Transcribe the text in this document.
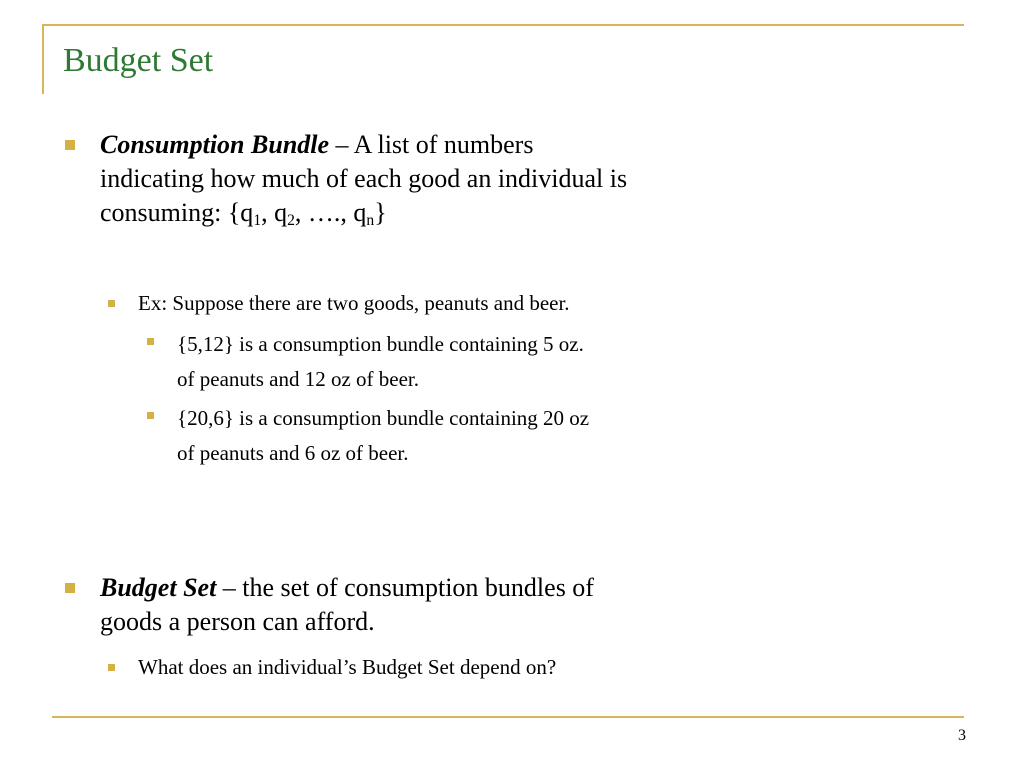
Budget Set
Consumption Bundle – A list of numbers
indicating how much of each good an individual is
consuming: {$q_1$, $q_2$, …., $q_n$}
Ex: Suppose there are two goods, peanuts and beer.
{5,12} is a consumption bundle containing 5 oz.
of peanuts and 12 oz of beer.
{20,6} is a consumption bundle containing 20 oz
of peanuts and 6 oz of beer.
Budget Set – the set of consumption bundles of
goods a person can afford.
What does an individual’s Budget Set depend on?
3
